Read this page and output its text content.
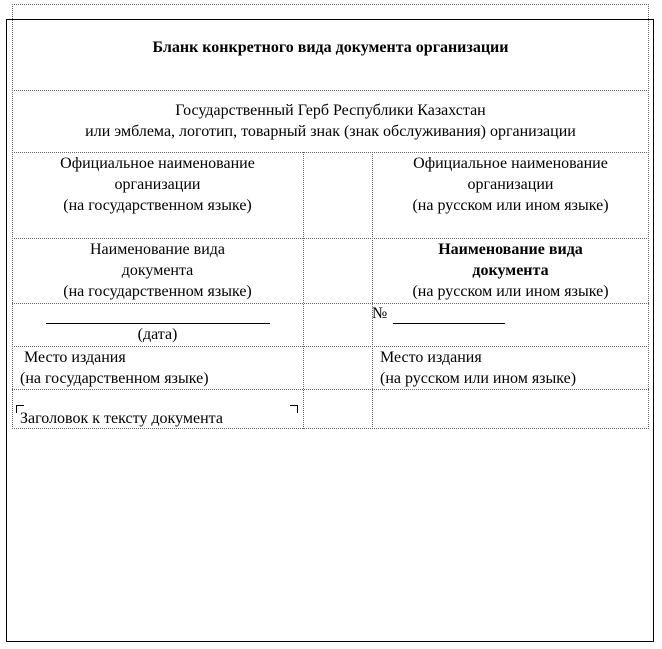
Бланк конкретного вида документа организации
Государственный Герб Республики Казахстан
или эмблема, логотип, товарный знак (знак обслуживания) организации
Официальное наименование
организации
(на государственном языке)
Официальное наименование
организации
(на русском или ином языке)
Наименование вида
документа
(на государственном языке)
Наименование вида
документа
(на русском или ином языке)
(дата)
№
Место издания
(на государственном языке)
Место издания
(на русском или ином языке)
Заголовок к тексту документа
